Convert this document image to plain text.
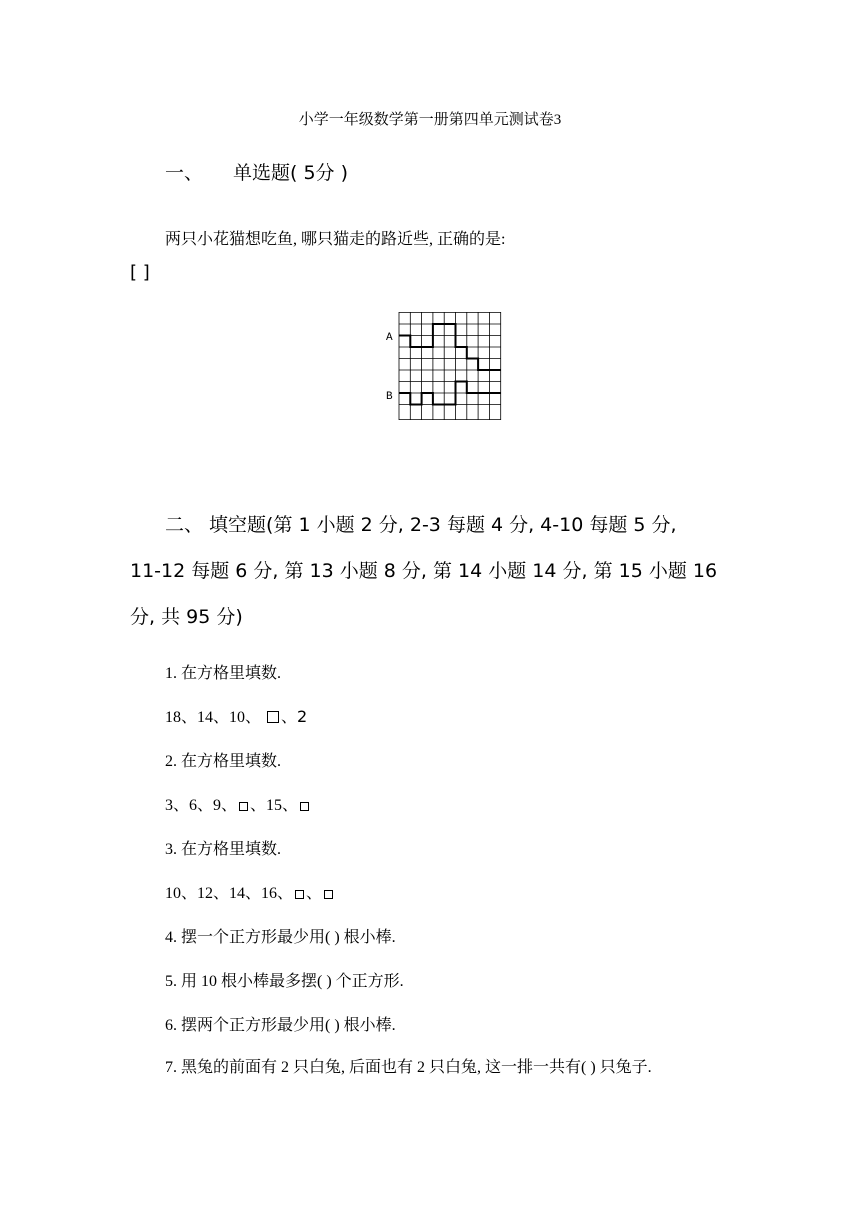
小学一年级数学第一册第四单元测试卷3
一、 单选题( 5分 )
两只小花猫想吃鱼, 哪只猫走的路近些, 正确的是:
[ ]
A
B
二、 填空题(第 1 小题 2 分, 2-3 每题 4 分, 4-10 每题 5 分,
11-12 每题 6 分, 第 13 小题 8 分, 第 14 小题 14 分, 第 15 小题 16
分, 共 95 分)
1. 在方格里填数.
18、14、10、 、2
2. 在方格里填数.
3、6、9、 、15、
3. 在方格里填数.
10、12、14、16、 、
4. 摆一个正方形最少用( ) 根小棒.
5. 用 10 根小棒最多摆( ) 个正方形.
6. 摆两个正方形最少用( ) 根小棒.
7. 黑兔的前面有 2 只白兔, 后面也有 2 只白兔, 这一排一共有( ) 只兔子.
